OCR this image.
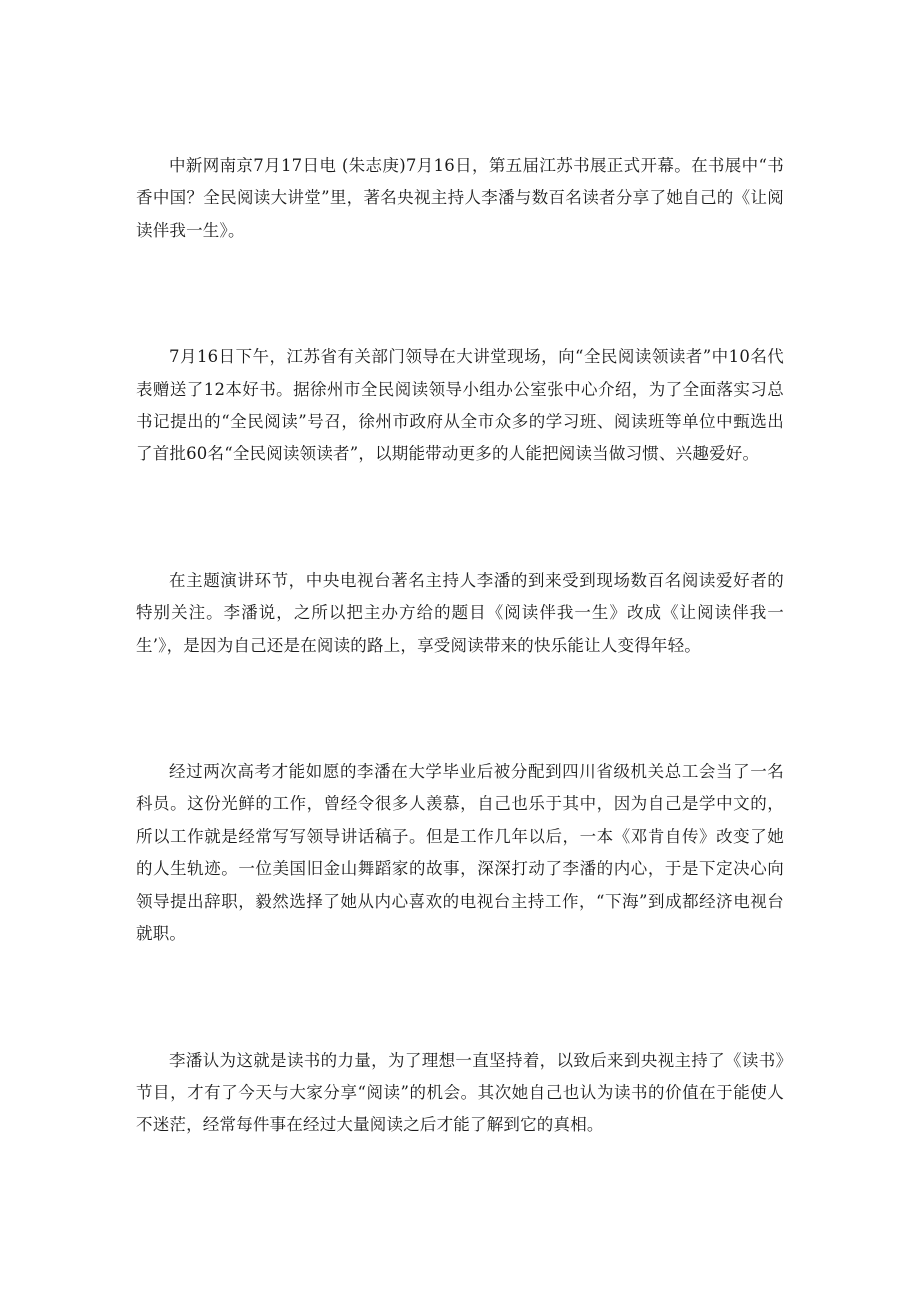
中新网南京7月17日电 (朱志庚)7月16日，第五届江苏书展正式开幕。在书展中“书香中国？全民阅读大讲堂”里，著名央视主持人李潘与数百名读者分享了她自己的《让阅读伴我一生》。

7月16日下午，江苏省有关部门领导在大讲堂现场，向“全民阅读领读者”中10名代表赠送了12本好书。据徐州市全民阅读领导小组办公室张中心介绍，为了全面落实习总书记提出的“全民阅读”号召，徐州市政府从全市众多的学习班、阅读班等单位中甄选出了首批60名“全民阅读领读者”，以期能带动更多的人能把阅读当做习惯、兴趣爱好。

在主题演讲环节，中央电视台著名主持人李潘的到来受到现场数百名阅读爱好者的特别关注。李潘说，之所以把主办方给的题目《阅读伴我一生》改成《让阅读伴我一生’》，是因为自己还是在阅读的路上，享受阅读带来的快乐能让人变得年轻。

经过两次高考才能如愿的李潘在大学毕业后被分配到四川省级机关总工会当了一名科员。这份光鲜的工作，曾经令很多人羡慕，自己也乐于其中，因为自己是学中文的，所以工作就是经常写写领导讲话稿子。但是工作几年以后，一本《邓肯自传》改变了她的人生轨迹。一位美国旧金山舞蹈家的故事，深深打动了李潘的内心，于是下定决心向领导提出辞职，毅然选择了她从内心喜欢的电视台主持工作，“下海”到成都经济电视台就职。

李潘认为这就是读书的力量，为了理想一直坚持着，以致后来到央视主持了《读书》节目，才有了今天与大家分享“阅读”的机会。其次她自己也认为读书的价值在于能使人不迷茫，经常每件事在经过大量阅读之后才能了解到它的真相。
